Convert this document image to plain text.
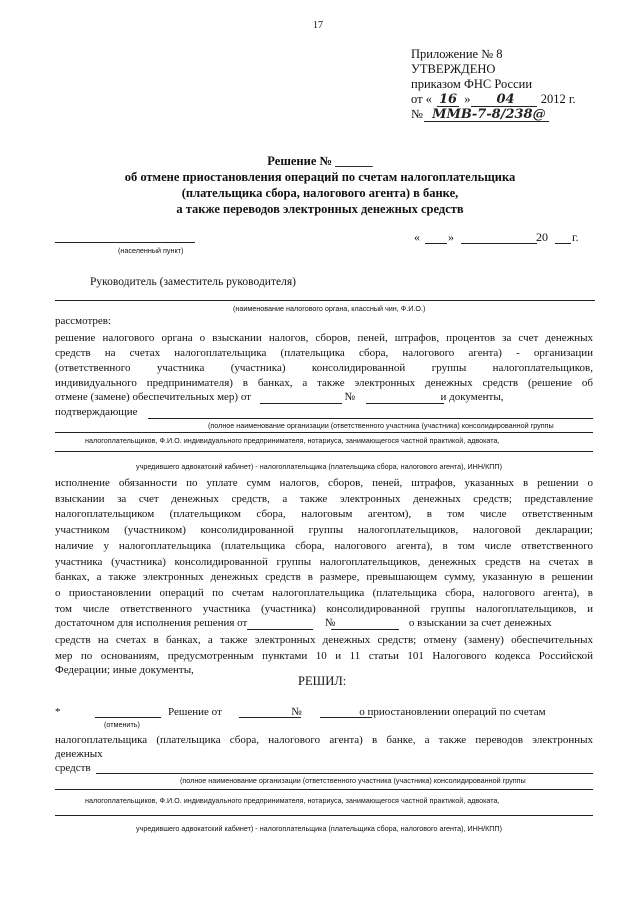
17
Приложение № 8
УТВЕРЖДЕНО
приказом ФНС России
от « 16 » 04 2012 г.
№ ММВ-7-8/238@
Решение № ______
об отмене приостановления операций по счетам налогоплательщика
(плательщика сбора, налогового агента) в банке,
а также переводов электронных денежных средств
(населенный пункт)
« »	20 г.
Руководитель (заместитель руководителя)
(наименование налогового органа, классный чин, Ф.И.О.)
рассмотрев:
решение налогового органа о взыскании налогов, сборов, пеней, штрафов, процентов за счет денежных
средств на счетах налогоплательщика (плательщика сбора, налогового агента) - организации
(ответственного участника (участника) консолидированной группы налогоплательщиков,
индивидуального предпринимателя) в банках, а также электронных денежных средств (решение об
отмене (замене) обеспечительных мер) от	№	и документы,
подтверждающие
(полное наименование организации (ответственного участника (участника) консолидированной группы
налогоплательщиков, Ф.И.О. индивидуального предпринимателя, нотариуса, занимающегося частной практикой, адвоката,
учредившего адвокатский кабинет) - налогоплательщика (плательщика сбора, налогового агента), ИНН/КПП)
исполнение обязанности по уплате сумм налогов, сборов, пеней, штрафов, указанных в решении о
взыскании за счет денежных средств, а также электронных денежных средств; представление
налогоплательщиком (плательщиком сбора, налоговым агентом), в том числе ответственным
участником (участником) консолидированной группы налогоплательщиков, налоговой декларации;
наличие у налогоплательщика (плательщика сбора, налогового агента), в том числе ответственного
участника (участника) консолидированной группы налогоплательщиков, денежных средств на счетах в
банках, а также электронных денежных средств в размере, превышающем сумму, указанную в решении
о приостановлении операций по счетам налогоплательщика (плательщика сбора, налогового агента), в
том числе ответственного участника (участника) консолидированной группы налогоплательщиков, и
достаточном для исполнения решения от	№	о взыскании за счет денежных
средств на счетах в банках, а также электронных денежных средств; отмену (замену) обеспечительных
мер по основаниям, предусмотренным пунктами 10 и 11 статьи 101 Налогового кодекса Российской
Федерации; иные документы,
РЕШИЛ:
*	Решение от	№	о приостановлении операций по счетам
(отменить)
налогоплательщика (плательщика сбора, налогового агента) в банке, а также переводов электронных
денежных
средств
(полное наименование организации (ответственного участника (участника) консолидированной группы
налогоплательщиков, Ф.И.О. индивидуального предпринимателя, нотариуса, занимающегося частной практикой, адвоката,
учредившего адвокатский кабинет) - налогоплательщика (плательщика сбора, налогового агента), ИНН/КПП)
